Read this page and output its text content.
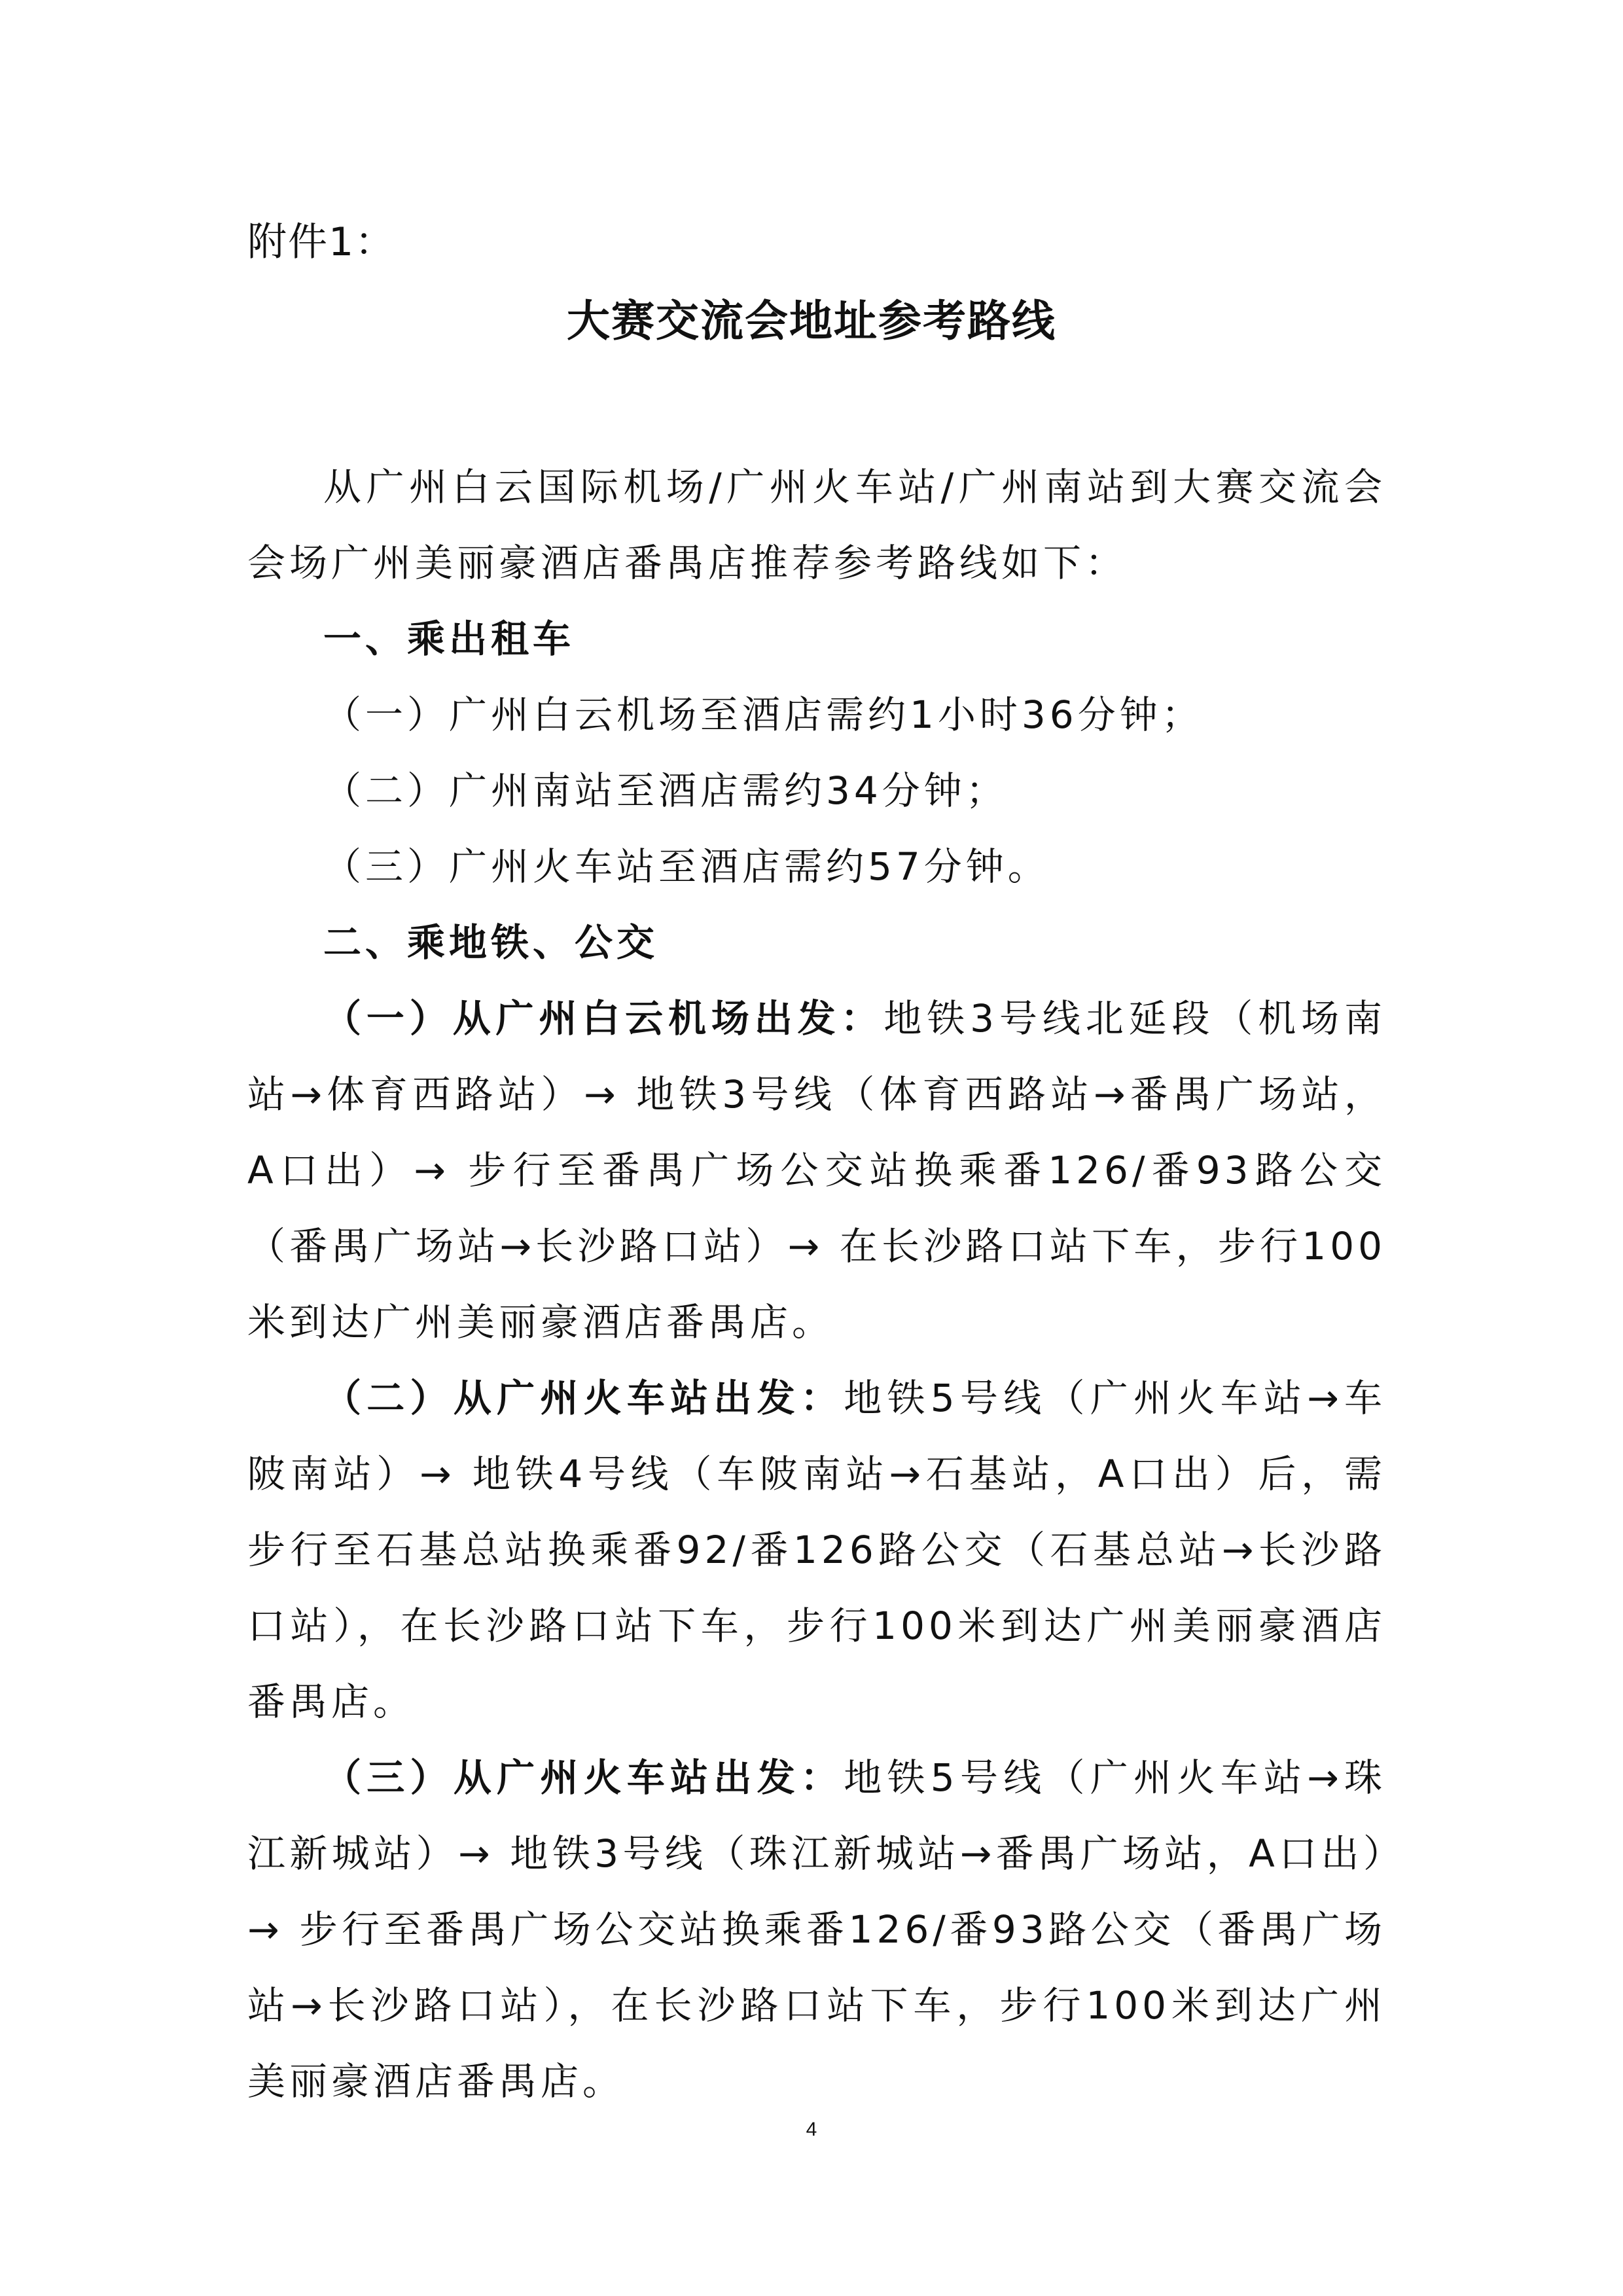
附件1：
大赛交流会地址参考路线

从广州白云国际机场/广州火车站/广州南站到大赛交流会会场广州美丽豪酒店番禺店推荐参考路线如下：

一、乘出租车

（一）广州白云机场至酒店需约1小时36分钟；

（二）广州南站至酒店需约34分钟；

（三）广州火车站至酒店需约57分钟。

二、乘地铁、公交

（一）从广州白云机场出发：地铁3号线北延段（机场南站→体育西路站）→ 地铁3号线（体育西路站→番禺广场站，A口出）→ 步行至番禺广场公交站换乘番126/番93路公交（番禺广场站→长沙路口站）→ 在长沙路口站下车，步行100米到达广州美丽豪酒店番禺店。

（二）从广州火车站出发：地铁5号线（广州火车站→车陂南站）→ 地铁4号线（车陂南站→石基站，A口出）后，需步行至石基总站换乘番92/番126路公交（石基总站→长沙路口站），在长沙路口站下车，步行100米到达广州美丽豪酒店番禺店。

（三）从广州火车站出发：地铁5号线（广州火车站→珠江新城站）→ 地铁3号线（珠江新城站→番禺广场站，A口出）→ 步行至番禺广场公交站换乘番126/番93路公交（番禺广场站→长沙路口站），在长沙路口站下车，步行100米到达广州美丽豪酒店番禺店。

4
